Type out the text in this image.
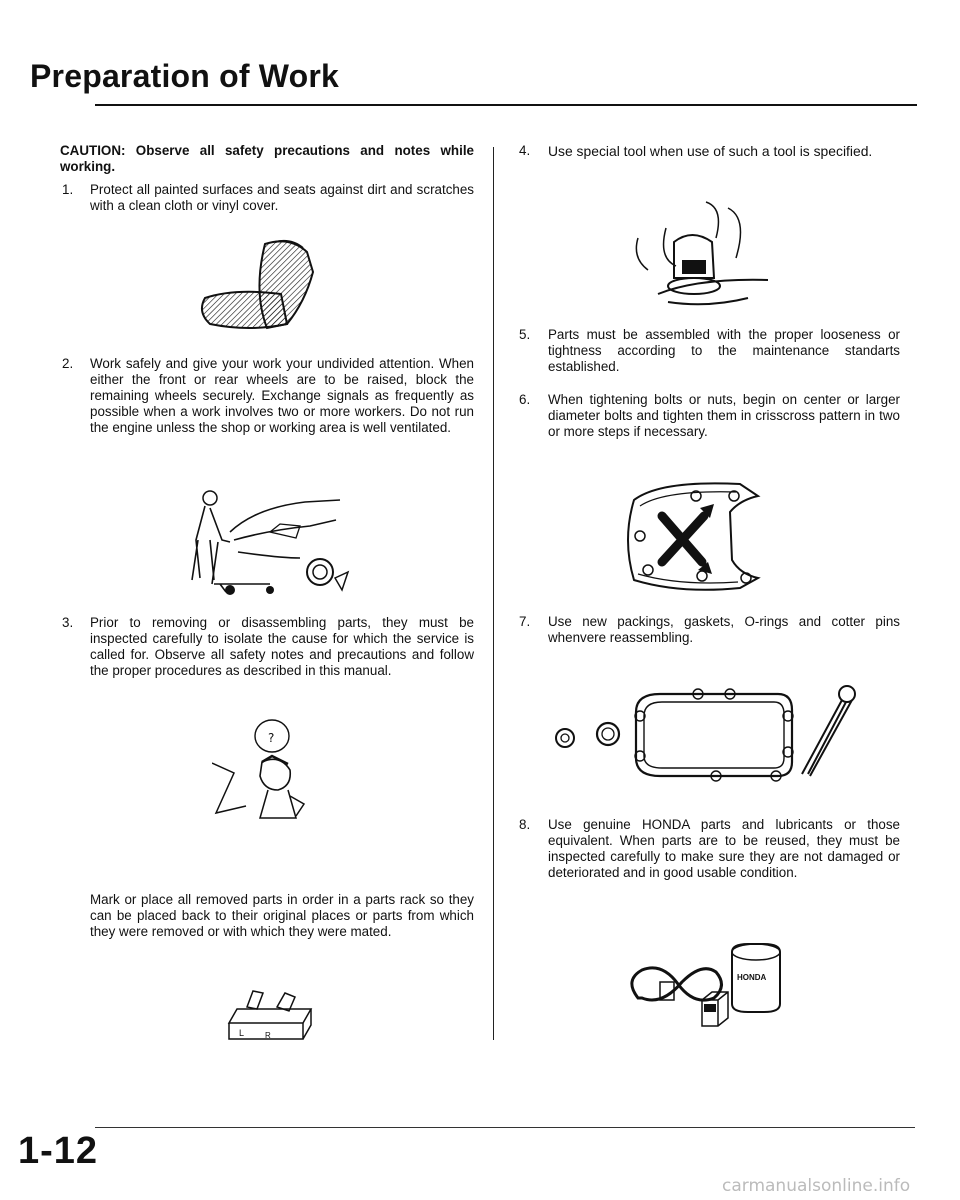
Preparation of Work
CAUTION: Observe all safety precautions and notes while working.
1. Protect all painted surfaces and seats against dirt and scratches with a clean cloth or vinyl cover.
2. Work safely and give your work your undivided attention. When either the front or rear wheels are to be raised, block the remaining wheels securely. Exchange signals as frequently as possible when a work involves two or more workers. Do not run the engine unless the shop or working area is well ventilated.
3. Prior to removing or disassembling parts, they must be inspected carefully to isolate the cause for which the service is called for. Observe all safety notes and precautions and follow the proper procedures as described in this manual.
?
Mark or place all removed parts in order in a parts rack so they can be placed back to their original places or parts from which they were removed or with which they were mated.
L	R
4. Use special tool when use of such a tool is specified.
5. Parts must be assembled with the proper looseness or tightness according to the maintenance standarts established.
6. When tightening bolts or nuts, begin on center or larger diameter bolts and tighten them in crisscross pattern in two or more steps if necessary.
7. Use new packings, gaskets, O-rings and cotter pins whenvere reassembling.
8. Use genuine HONDA parts and lubricants or those equivalent. When parts are to be reused, they must be inspected carefully to make sure they are not damaged or deteriorated and in good usable condition.
HONDA
1-12
carmanualsonline.info
